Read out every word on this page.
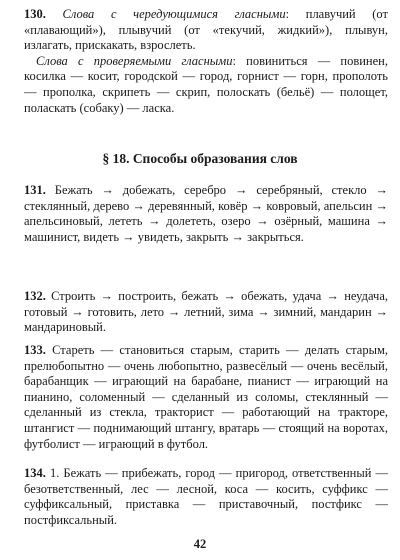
130. Слова с чередующимися гласными: плавучий (от «плавающий»), плывучий (от «текучий, жидкий»), плывун, излагать, прискакать, взрослеть.
Слова с проверяемыми гласными: повиниться — повинен, косилка — косит, городской — город, горнист — горн, прополоть — прополка, скрипеть — скрип, полоскать (бельё) — полощет, поласкать (собаку) — ласка.

§ 18. Способы образования слов

131. Бежать → добежать, серебро → серебряный, стекло → стеклянный, дерево → деревянный, ковёр → ковровый, апельсин → апельсиновый, лететь → долететь, озеро → озёрный, машина → машинист, видеть → увидеть, закрыть → закрыться.

132. Строить → построить, бежать → обежать, удача → неудача, готовый → готовить, лето → летний, зима → зимний, мандарин → мандариновый.

133. Стареть — становиться старым, старить — делать старым, прелюбопытно — очень любопытно, развесёлый — очень весёлый, барабанщик — играющий на барабане, пианист — играющий на пианино, соломенный — сделанный из соломы, стеклянный — сделанный из стекла, тракторист — работающий на тракторе, штангист — поднимающий штангу, вратарь — стоящий на воротах, футболист — играющий в футбол.

134. 1. Бежать — прибежать, город — пригород, ответственный — безответственный, лес — лесной, коса — косить, суффикс — суффиксальный, приставка — приставочный, постфикс — постфиксальный.

42
